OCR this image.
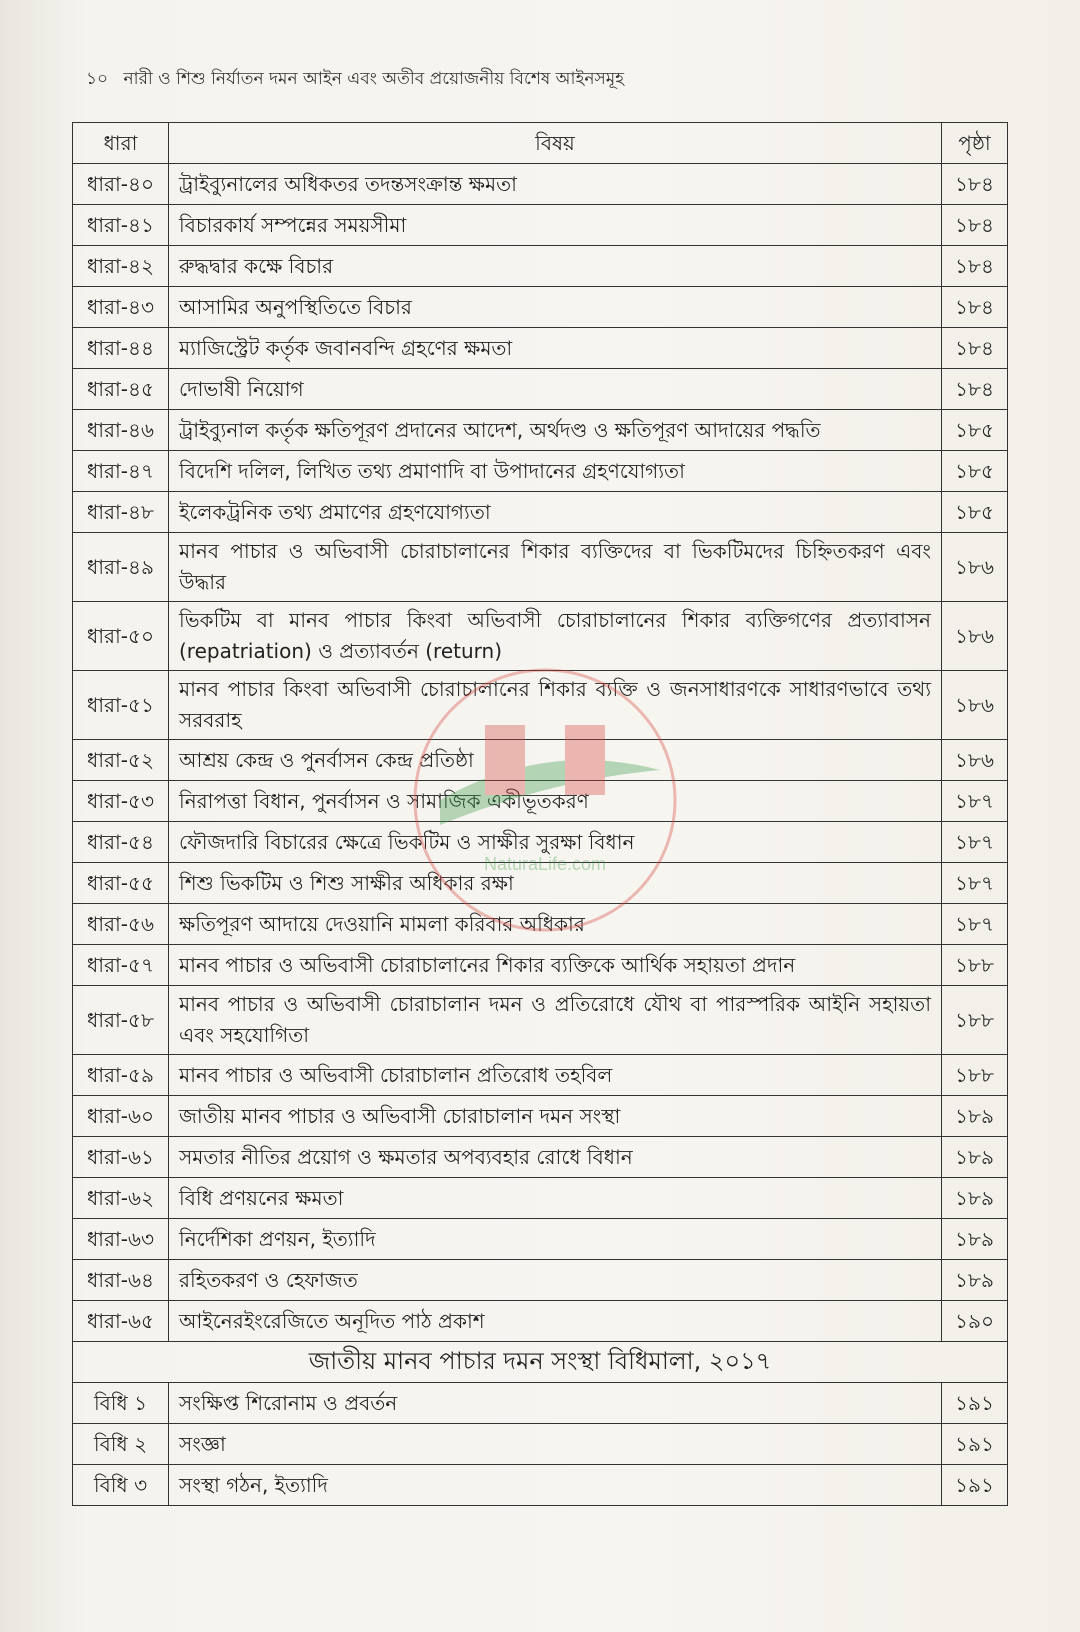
১০ নারী ও শিশু নির্যাতন দমন আইন এবং অতীব প্রয়োজনীয় বিশেষ আইনসমূহ
ধারা	বিষয়	পৃষ্ঠা
ধারা-৪০	ট্রাইব্যুনালের অধিকতর তদন্তসংক্রান্ত ক্ষমতা	১৮৪
ধারা-৪১	বিচারকার্য সম্পন্নের সময়সীমা	১৮৪
ধারা-৪২	রুদ্ধদ্বার কক্ষে বিচার	১৮৪
ধারা-৪৩	আসামির অনুপস্থিতিতে বিচার	১৮৪
ধারা-৪৪	ম্যাজিস্ট্রেট কর্তৃক জবানবন্দি গ্রহণের ক্ষমতা	১৮৪
ধারা-৪৫	দোভাষী নিয়োগ	১৮৪
ধারা-৪৬	ট্রাইব্যুনাল কর্তৃক ক্ষতিপূরণ প্রদানের আদেশ, অর্থদণ্ড ও ক্ষতিপূরণ আদায়ের পদ্ধতি	১৮৫
ধারা-৪৭	বিদেশি দলিল, লিখিত তথ্য প্রমাণাদি বা উপাদানের গ্রহণযোগ্যতা	১৮৫
ধারা-৪৮	ইলেকট্রনিক তথ্য প্রমাণের গ্রহণযোগ্যতা	১৮৫
ধারা-৪৯	মানব পাচার ও অভিবাসী চোরাচালানের শিকার ব্যক্তিদের বা ভিকটিমদের চিহ্নিতকরণ এবং উদ্ধার	১৮৬
ধারা-৫০	ভিকটিম বা মানব পাচার কিংবা অভিবাসী চোরাচালানের শিকার ব্যক্তিগণের প্রত্যাবাসন (repatriation) ও প্রত্যাবর্তন (return)	১৮৬
ধারা-৫১	মানব পাচার কিংবা অভিবাসী চোরাচালানের শিকার ব্যক্তি ও জনসাধারণকে সাধারণভাবে তথ্য সরবরাহ	১৮৬
ধারা-৫২	আশ্রয় কেন্দ্র ও পুনর্বাসন কেন্দ্র প্রতিষ্ঠা	১৮৬
ধারা-৫৩	নিরাপত্তা বিধান, পুনর্বাসন ও সামাজিক একীভূতকরণ	১৮৭
ধারা-৫৪	ফৌজদারি বিচারের ক্ষেত্রে ভিকটিম ও সাক্ষীর সুরক্ষা বিধান	১৮৭
ধারা-৫৫	শিশু ভিকটিম ও শিশু সাক্ষীর অধিকার রক্ষা	১৮৭
ধারা-৫৬	ক্ষতিপূরণ আদায়ে দেওয়ানি মামলা করিবার অধিকার	১৮৭
ধারা-৫৭	মানব পাচার ও অভিবাসী চোরাচালানের শিকার ব্যক্তিকে আর্থিক সহায়তা প্রদান	১৮৮
ধারা-৫৮	মানব পাচার ও অভিবাসী চোরাচালান দমন ও প্রতিরোধে যৌথ বা পারস্পরিক আইনি সহায়তা এবং সহযোগিতা	১৮৮
ধারা-৫৯	মানব পাচার ও অভিবাসী চোরাচালান প্রতিরোধ তহবিল	১৮৮
ধারা-৬০	জাতীয় মানব পাচার ও অভিবাসী চোরাচালান দমন সংস্থা	১৮৯
ধারা-৬১	সমতার নীতির প্রয়োগ ও ক্ষমতার অপব্যবহার রোধে বিধান	১৮৯
ধারা-৬২	বিধি প্রণয়নের ক্ষমতা	১৮৯
ধারা-৬৩	নির্দেশিকা প্রণয়ন, ইত্যাদি	১৮৯
ধারা-৬৪	রহিতকরণ ও হেফাজত	১৮৯
ধারা-৬৫	আইনেরইংরেজিতে অনূদিত পাঠ প্রকাশ	১৯০
জাতীয় মানব পাচার দমন সংস্থা বিধিমালা, ২০১৭		
বিধি ১	সংক্ষিপ্ত শিরোনাম ও প্রবর্তন	১৯১
বিধি ২	সংজ্ঞা	১৯১
বিধি ৩	সংস্থা গঠন, ইত্যাদি	১৯১
NaturaLife.com
